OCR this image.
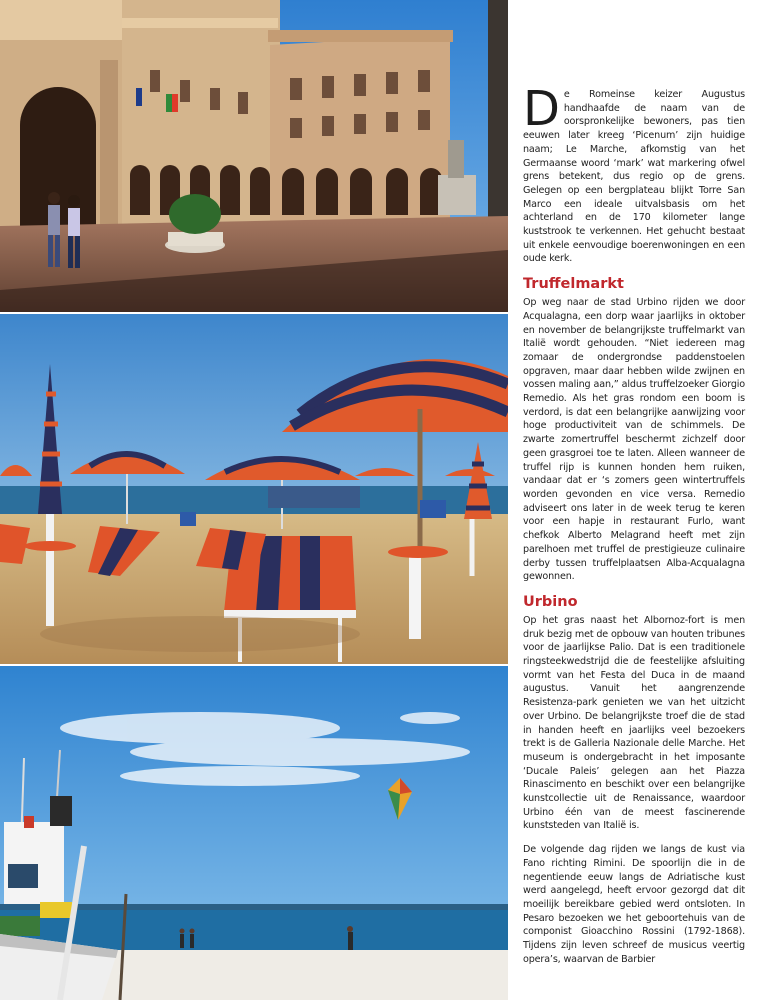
De Romeinse keizer Augustus handhaafde de naam van de oorspronkelijke bewoners, pas tien eeuwen later kreeg ‘Picenum’ zijn huidige naam; Le Marche, afkomstig van het Germaanse woord ‘mark’ wat markering ofwel grens betekent, dus regio op de grens. Gelegen op een bergplateau blijkt Torre San Marco een ideale uitvalsbasis om het achterland en de 170 kilometer lange kuststrook te verkennen. Het gehucht bestaat uit enkele eenvoudige boerenwoningen en een oude kerk.

Truffelmarkt

Op weg naar de stad Urbino rijden we door Acqualagna, een dorp waar jaarlijks in oktober en november de belangrijkste truffelmarkt van Italië wordt gehouden. “Niet iedereen mag zomaar de ondergrondse paddenstoelen opgraven, maar daar hebben wilde zwijnen en vossen maling aan,” aldus truffelzoeker Giorgio Remedio. Als het gras rondom een boom is verdord, is dat een belangrijke aanwijzing voor hoge productiviteit van de schimmels. De zwarte zomertruffel beschermt zichzelf door geen grasgroei toe te laten. Alleen wanneer de truffel rijp is kunnen honden hem ruiken, vandaar dat er ‘s zomers geen wintertruffels worden gevonden en vice versa. Remedio adviseert ons later in de week terug te keren voor een hapje in restaurant Furlo, want chefkok Alberto Melagrand heeft met zijn parelhoen met truffel de prestigieuze culinaire derby tussen truffelplaatsen Alba-Acqualagna gewonnen.

Urbino

Op het gras naast het Albornoz-fort is men druk bezig met de opbouw van houten tribunes voor de jaarlijkse Palio. Dat is een traditionele ringsteekwedstrijd die de feestelijke afsluiting vormt van het Festa del Duca in de maand augustus. Vanuit het aangrenzende Resistenza-park genieten we van het uitzicht over Urbino. De belangrijkste troef die de stad in handen heeft en jaarlijks veel bezoekers trekt is de Galleria Nazionale delle Marche. Het museum is ondergebracht in het imposante ‘Ducale Paleis’ gelegen aan het Piazza Rinascimento en beschikt over een belangrijke kunstcollectie uit de Renaissance, waardoor Urbino één van de meest fascinerende kunststeden van Italië is.

De volgende dag rijden we langs de kust via Fano richting Rimini. De spoorlijn die in de negentiende eeuw langs de Adriatische kust werd aangelegd, heeft ervoor gezorgd dat dit moeilijk bereikbare gebied werd ontsloten. In Pesaro bezoeken we het geboortehuis van de componist Gioacchino Rossini (1792-1868). Tijdens zijn leven schreef de musicus veertig opera’s, waarvan de Barbier
